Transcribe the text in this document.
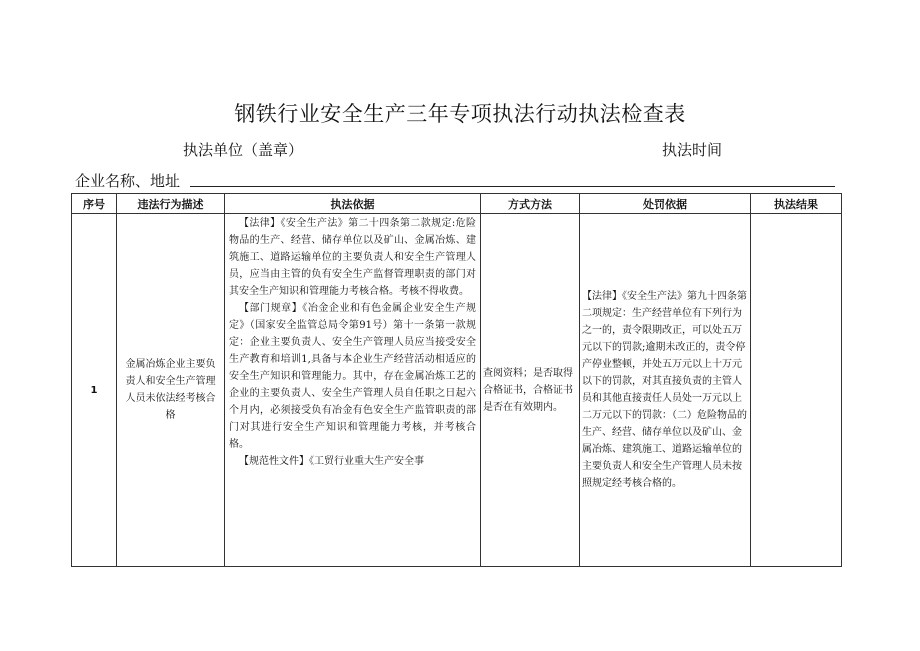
钢铁行业安全生产三年专项执法行动执法检查表
执法单位（盖章）	执法时间
企业名称、地址
序号	违法行为描述	执法依据	方式方法	处罚依据	执法结果
1	金属冶炼企业主要负责人和安全生产管理人员未依法经考核合格	【法律】《安全生产法》第二十四条第二款规定:危险物品的生产、经营、储存单位以及矿山、金属冶炼、建筑施工、道路运输单位的主要负责人和安全生产管理人员，应当由主管的负有安全生产监督管理职责的部门对其安全生产知识和管理能力考核合格。考核不得收费。

【部门规章】《冶金企业和有色金属企业安全生产规定》（国家安全监管总局令第91号）第十一条第一款规定：企业主要负责人、安全生产管理人员应当接受安全生产教育和培训1,具备与本企业生产经营活动相适应的安全生产知识和管理能力。其中，存在金属冶炼工艺的企业的主要负责人、安全生产管理人员自任职之日起六个月内，必须接受负有冶金有色安全生产监管职责的部门对其进行安全生产知识和管理能力考核，并考核合格。

【规范性文件】《工贸行业重大生产安全事	查阅资料；是否取得合格证书，合格证书是否在有效期内。	【法律】《安全生产法》第九十四条第二项规定：生产经营单位有下列行为之一的，责令限期改正，可以处五万元以下的罚款;逾期未改正的，责令停产停业整顿，并处五万元以上十万元以下的罚款，对其直接负责的主管人员和其他直接责任人员处一万元以上二万元以下的罚款：（二）危险物品的生产、经营、储存单位以及矿山、金属冶炼、建筑施工、道路运输单位的主要负责人和安全生产管理人员未按照规定经考核合格的。	
